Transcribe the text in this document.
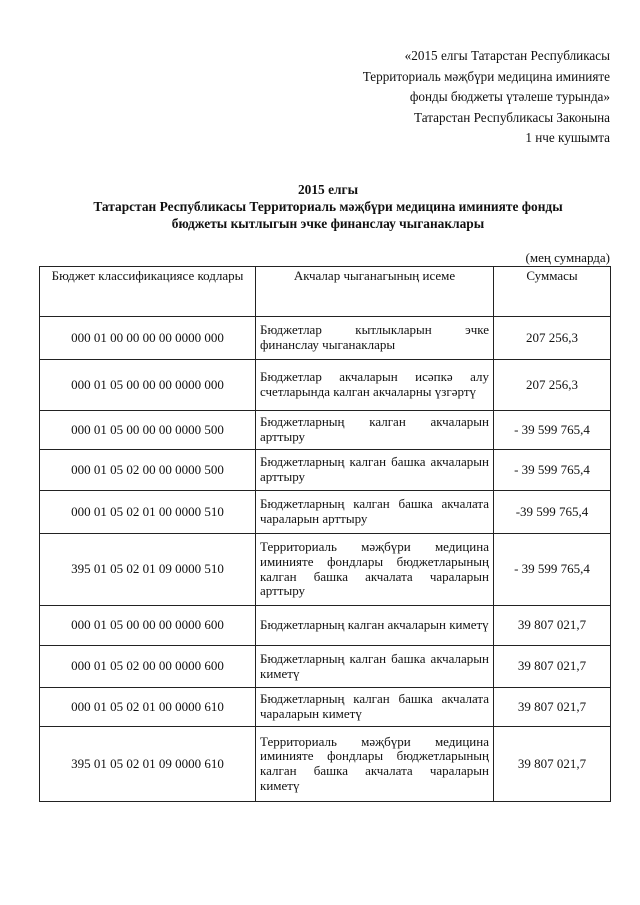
«2015 елгы Татарстан Республикасы
Территориаль мәҗбүри медицина иминияте
фонды бюджеты үтәлеше турында»
Татарстан Республикасы Законына
1 нче кушымта
2015 елгы
Татарстан Республикасы Территориаль мәҗбүри медицина иминияте фонды
бюджеты кытлыгын эчке финанслау чыганаклары
(мең сумнарда)
Бюджет классификациясе кодлары	Акчалар чыганагының исеме	Суммасы
000 01 00 00 00 00 0000 000	Бюджетлар кытлыкларын эчке финанслау чыганаклары	207 256,3
000 01 05 00 00 00 0000 000	Бюджетлар акчаларын исәпкә алу счетларында калган акчаларны үзгәртү	207 256,3
000 01 05 00 00 00 0000 500	Бюджетларның калган акчаларын арттыру	- 39 599 765,4
000 01 05 02 00 00 0000 500	Бюджетларның калган башка акчаларын арттыру	- 39 599 765,4
000 01 05 02 01 00 0000 510	Бюджетларның калган башка акчалата чараларын арттыру	-39 599 765,4
395 01 05 02 01 09 0000 510	Территориаль мәҗбүри медицина иминияте фондлары бюджетларының калган башка акчалата чараларын арттыру	- 39 599 765,4
000 01 05 00 00 00 0000 600	Бюджетларның калган акчаларын киметү	39 807 021,7
000 01 05 02 00 00 0000 600	Бюджетларның калган башка акчаларын киметү	39 807 021,7
000 01 05 02 01 00 0000 610	Бюджетларның калган башка акчалата чараларын киметү	39 807 021,7
395 01 05 02 01 09 0000 610	Территориаль мәҗбүри медицина иминияте фондлары бюджетларының калган башка акчалата чараларын киметү	39 807 021,7
